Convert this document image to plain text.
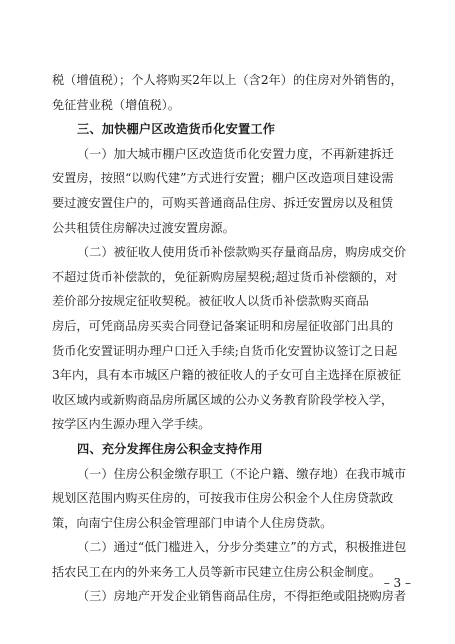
税（增值税）；个人将购买2年以上（含2年）的住房对外销售的，
免征营业税（增值税）。
三、加快棚户区改造货币化安置工作
（一）加大城市棚户区改造货币化安置力度，不再新建拆迁
安置房，按照“以购代建”方式进行安置；棚户区改造项目建设需
要过渡安置住户的，可购买普通商品住房、拆迁安置房以及租赁
公共租赁住房解决过渡安置房源。
（二）被征收人使用货币补偿款购买存量商品房，购房成交价
不超过货币补偿款的，免征新购房屋契税;超过货币补偿额的，对
差价部分按规定征收契税。被征收人以货币补偿款购买商品
房后，可凭商品房买卖合同登记备案证明和房屋征收部门出具的
货币化安置证明办理户口迁入手续;自货币化安置协议签订之日起
3年内，具有本市城区户籍的被征收人的子女可自主选择在原被征
收区域内或新购商品房所属区域的公办义务教育阶段学校入学，
按学区内生源办理入学手续。
四、充分发挥住房公积金支持作用
（一）住房公积金缴存职工（不论户籍、缴存地）在我市城市
规划区范围内购买住房的，可按我市住房公积金个人住房贷款政
策，向南宁住房公积金管理部门申请个人住房贷款。
（二）通过“低门槛进入，分步分类建立”的方式，积极推进包
括农民工在内的外来务工人员等新市民建立住房公积金制度。
（三）房地产开发企业销售商品住房，不得拒绝或阻挠购房者
– 3 –
